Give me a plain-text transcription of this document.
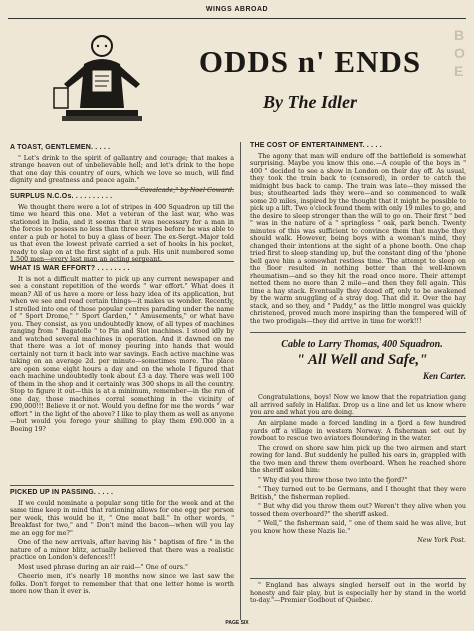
WINGS ABROAD
B
O
E
ODDS n' ENDS
By The Idler
A TOAST, GENTLEMEN. . . . .

" Let's drink to the spirit of gallantry and courage; that makes a strange heaven out of unbelievable hell; and let's drink to the hope that one day this country of ours, which we love so much, will find dignity and greatness and peace again."

" Cavalcade," by Noel Coward.

SURPLUS N.C.Os. . . . . . . . . .

We thought there were a lot of stripes in 400 Squadron up till the time we heard this one. Met a veteran of the last war, who was stationed in India, and it seems that it was necessary for a man in the forces to possess no less than three stripes before he was able to enter a pub or hotel to buy a glass of beer. The ex-Sergt.-Major told us that even the lowest private carried a set of hooks in his pocket, ready to slap on at the first sight of a pub. His unit numbered some 1,500 men—every last man an acting sergeant.

WHAT IS WAR EFFORT? . . . . . . . .

It is not a difficult matter to pick up any current newspaper and see a constant repetition of the words " war effort." What does it mean? All of us have a more or less hazy idea of its application, but when we see and read certain things—it makes us wonder. Recently, I strolled into one of those popular centres parading under the name of " Sport Drome," " Sport Garden," " Amusements," or what have you. They consist, as you undoubtedly know, of all types of machines ranging from " Bagatelle " to Pin and Slot machines. I stood idly by and watched several machines in operation. And it dawned on me that there was a lot of money pouring into hands that would certainly not turn it back into war savings. Each active machine was taking on an average 2d. per minute—sometimes more. The place are open some eight hours a day and on the whole I figured that each machine undoubtedly took about £3 a day. There was well 100 of them in the shop and it certainly was 300 shops in all the country. Stop to figure it out—this is at a minimum, remember—in the run of one day, those machines corral something in the vicinity of £90,000!!! Believe it or not. Would you define for me the words " war effort " in the light of the above? I like to play them as well as anyone—but would you forego your shilling to play them £90.000 in a Boeing 19?

PICKED UP IN PASSING. . . . .

If we could nominate a popular song title for the week and at the same time keep in mind that rationing allows for one egg per person per week, this would be it, " One meat ball." In other words, " Breakfast for two," and " Don't mind the bacon—when will you lay me an egg for me?"

One of the new arrivals, after having his " baptism of fire " in the nature of a minor blitz, actually believed that there was a realistic practice on London's defences!!!

Most used phrase during an air raid—" One of ours."

Cheerio men, it's nearly 18 months now since we last saw the folks. Don't forget to remember that that one letter home is worth more now than it ever is.

THE COST OF ENTERTAINMENT. . . . .

The agony that man will endure off the battlefield is somewhat surprising. Maybe you know this one.—A couple of the boys in " 400 " decided to see a show in London on their day off. As usual, they took the train back to (censored), in order to catch the midnight bus back to camp. The train was late—they missed the bus; stouthearted lads they were—and so commenced to walk some 20 miles, inspired by the thought that it might be possible to pick up a lift. Two o'clock found them with only 19 miles to go, and the desire to sleep stronger than the will to go on. Their first " bed " was in the nature of a " springless " oak, park bench. Twenty minutes of this was sufficient to convince them that maybe they should walk. However, being boys with a woman's mind, they changed their intentions at the sight of a phone booth. One chap tried first to sleep standing up, but the constant ding of the 'phone bell gave him a somewhat restless time. The attempt to sleep on the floor resulted in nothing better than the well-known rheumatism—and so they hit the road once more. Their attempt netted them no more than 2 mile—and then they fell again. This time a hay stack. Eventually they dozed off, only to be awakened by the warm snuggling of a stray dog. That did it. Over the hay stack, and so they, and " Paddy," as the little mongrel was quickly christened, proved much more inspiring than the tempered will of the two prodigals—they did arrive in time for work!!!

Cable to Larry Thomas, 400 Squadron.

" All Well and Safe,"

Ken Carter.

Congratulations, boys! Now we know that the repatriation gang all arrived safely in Halifax. Drop us a line and let us know where you are and what you are doing.

An airplane made a forced landing in a fjord a few hundred yards off a village in western Norway. A fisherman set out by rowboat to rescue two aviators floundering in the water.

The crowd on shore saw him pick up the two airmen and start rowing for land. But suddenly he pulled his oars in, grappled with the two men and threw them overboard. When he reached shore the sheriff asked him:

" Why did you throw those two into the fjord?"

" They turned out to be Germans, and I thought that they were British," the fisherman replied.

" But why did you throw them out? Weren't they alive when you tossed them overboard?" the sheriff asked.

" Well," the fisherman said, " one of them said he was alive, but you know how these Nazis lie."

New York Post.

" England has always singled herself out in the world by honesty and fair play, but is especially her by stand in the world to-day."—Premier Godbout of Quebec.

PAGE SIX
